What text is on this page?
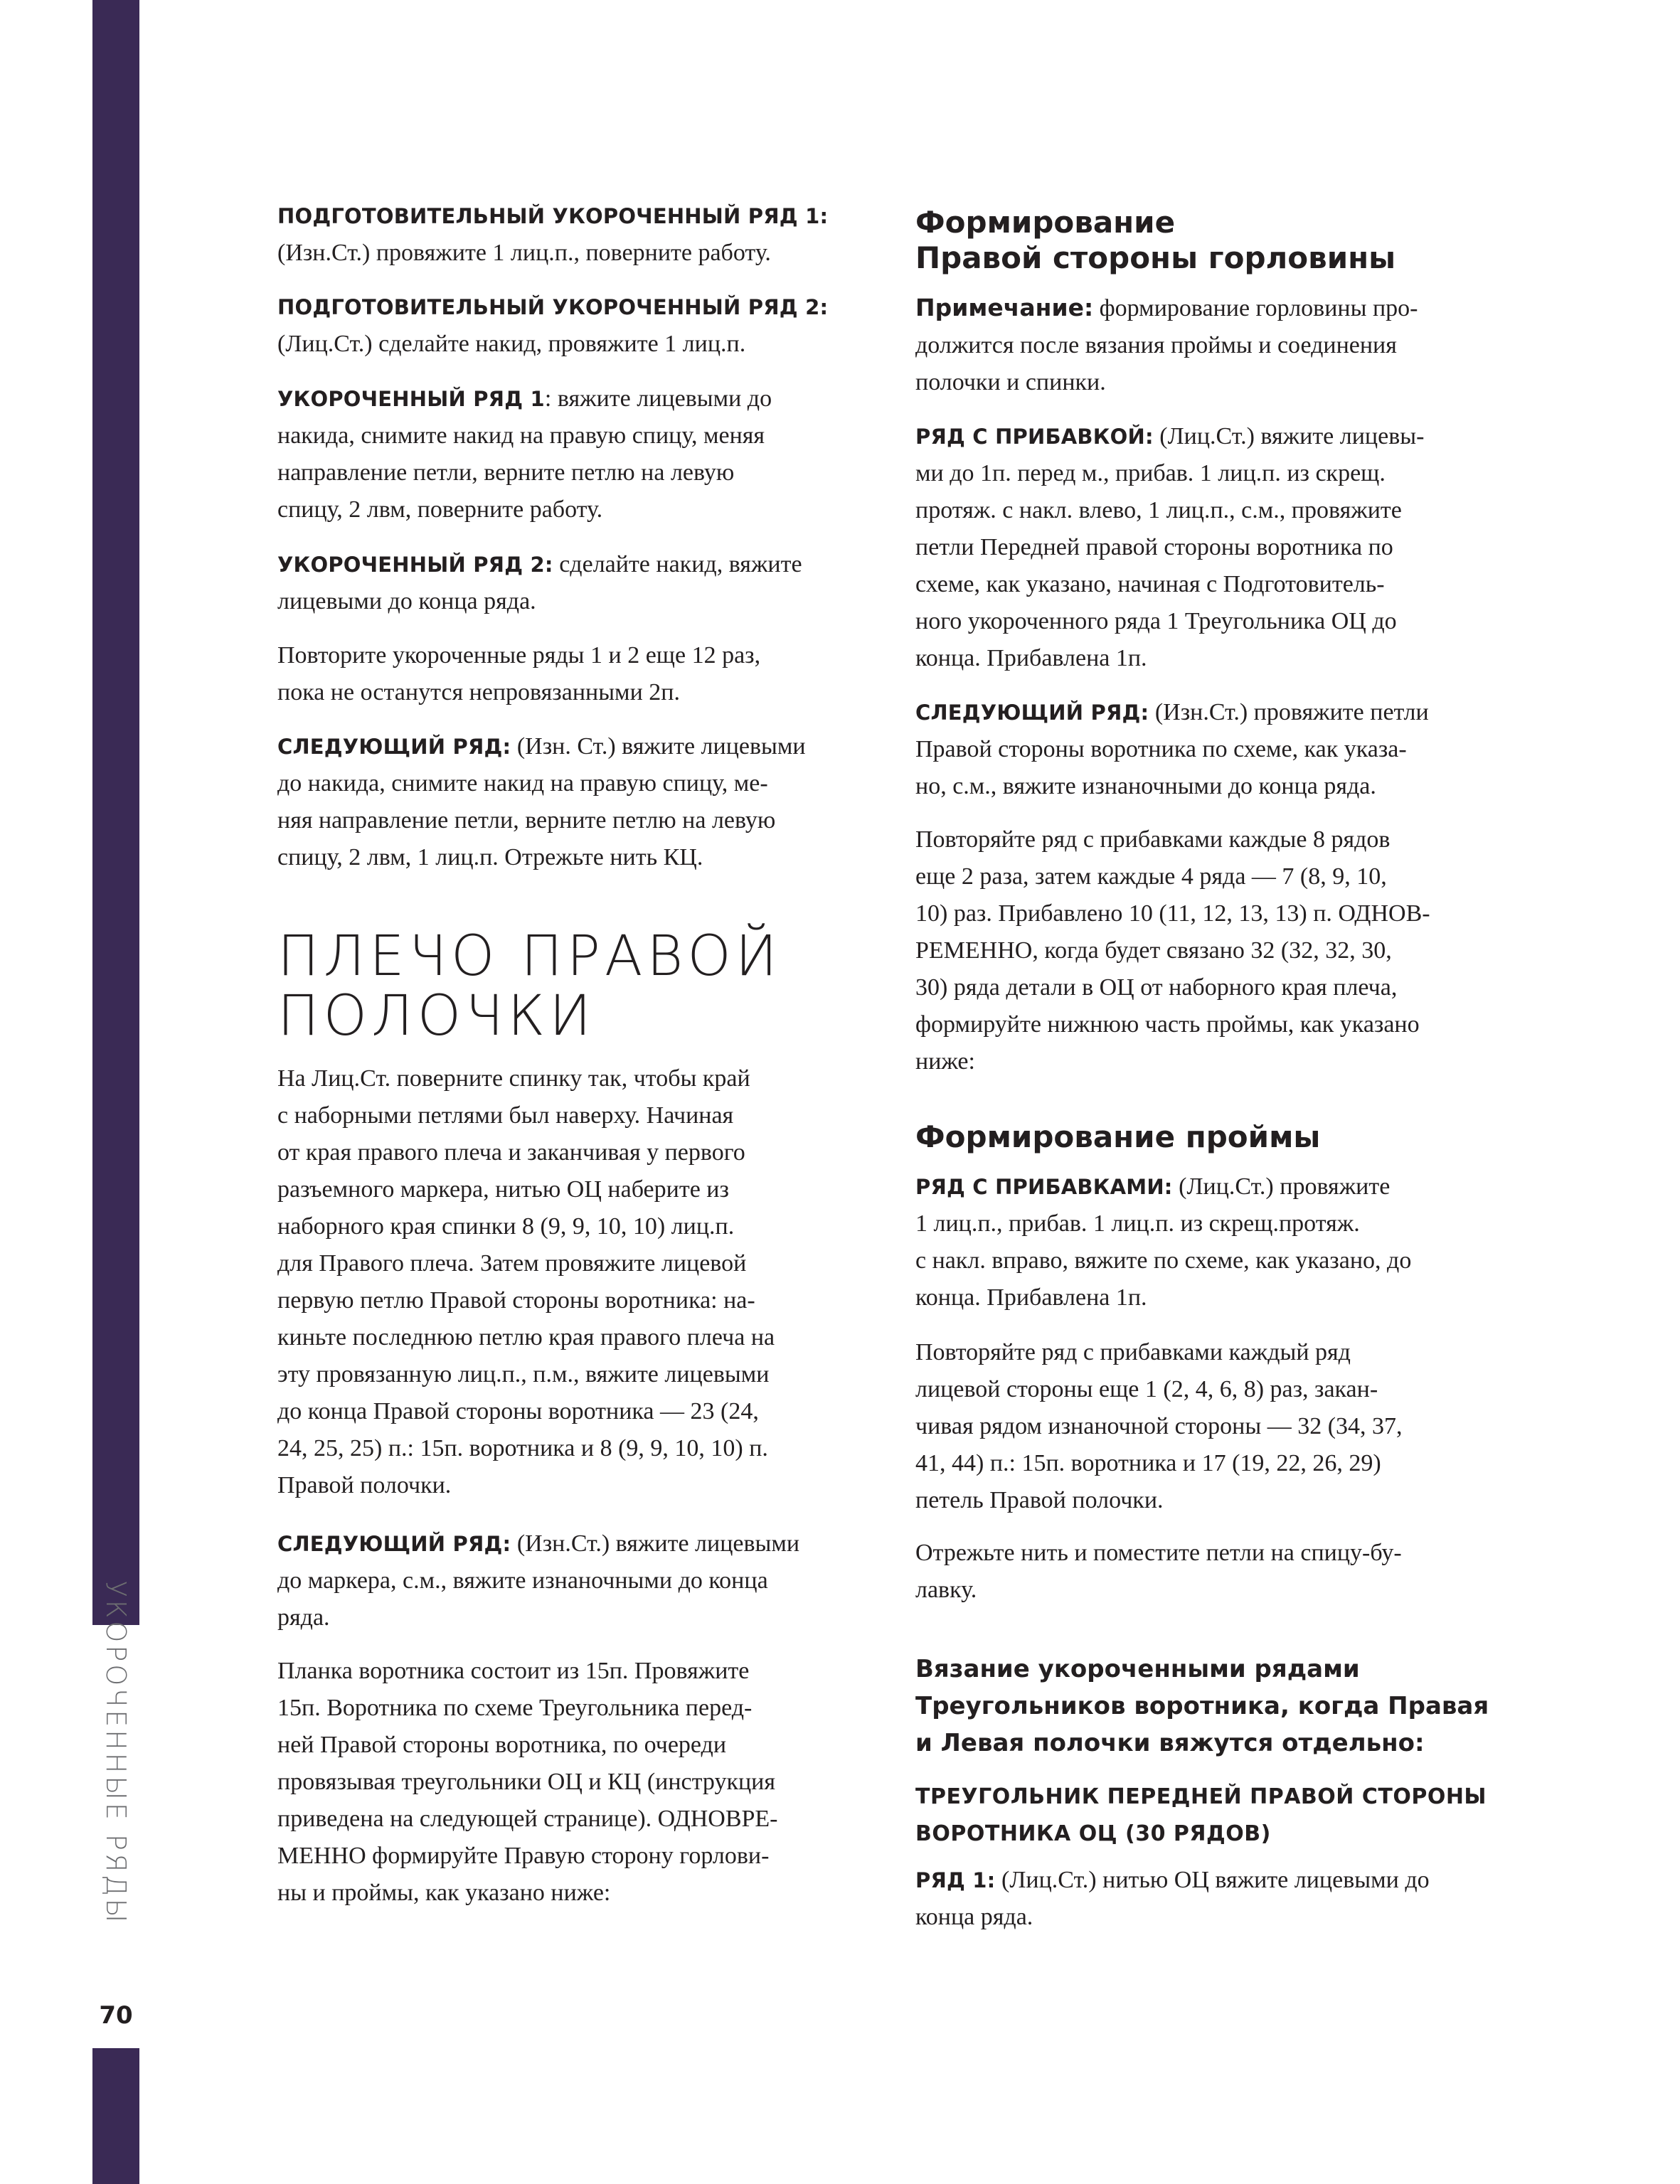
УКОРОЧЕННЫЕ РЯДЫ
70
ПОДГОТОВИТЕЛЬНЫЙ УКОРОЧЕННЫЙ РЯД 1:
(Изн.Ст.) провяжите 1 лиц.п., поверните работу.
ПОДГОТОВИТЕЛЬНЫЙ УКОРОЧЕННЫЙ РЯД 2:
(Лиц.Ст.) сделайте накид, провяжите 1 лиц.п.
УКОРОЧЕННЫЙ РЯД 1: вяжите лицевыми до
накида, снимите накид на правую спицу, меняя
направление петли, верните петлю на левую
спицу, 2 лвм, поверните работу.
УКОРОЧЕННЫЙ РЯД 2: сделайте накид, вяжите
лицевыми до конца ряда.
Повторите укороченные ряды 1 и 2 еще 12 раз,
пока не останутся непровязанными 2п.
СЛЕДУЮЩИЙ РЯД: (Изн. Ст.) вяжите лицевыми
до накида, снимите накид на правую спицу, ме-
няя направление петли, верните петлю на левую
спицу, 2 лвм, 1 лиц.п. Отрежьте нить КЦ.
ПЛЕЧО ПРАВОЙ
ПОЛОЧКИ
На Лиц.Ст. поверните спинку так, чтобы край
с наборными петлями был наверху. Начиная
от края правого плеча и заканчивая у первого
разъемного маркера, нитью ОЦ наберите из
наборного края спинки 8 (9, 9, 10, 10) лиц.п.
для Правого плеча. Затем провяжите лицевой
первую петлю Правой стороны воротника: на-
киньте последнюю петлю края правого плеча на
эту провязанную лиц.п., п.м., вяжите лицевыми
до конца Правой стороны воротника — 23 (24,
24, 25, 25) п.: 15п. воротника и 8 (9, 9, 10, 10) п.
Правой полочки.
СЛЕДУЮЩИЙ РЯД: (Изн.Ст.) вяжите лицевыми
до маркера, с.м., вяжите изнаночными до конца
ряда.
Планка воротника состоит из 15п. Провяжите
15п. Воротника по схеме Треугольника перед-
ней Правой стороны воротника, по очереди
провязывая треугольники ОЦ и КЦ (инструкция
приведена на следующей странице). ОДНОВРЕ-
МЕННО формируйте Правую сторону горлови-
ны и проймы, как указано ниже:
Формирование
Правой стороны горловины
Примечание: формирование горловины про-
должится после вязания проймы и соединения
полочки и спинки.
РЯД С ПРИБАВКОЙ: (Лиц.Ст.) вяжите лицевы-
ми до 1п. перед м., прибав. 1 лиц.п. из скрещ.
протяж. с накл. влево, 1 лиц.п., с.м., провяжите
петли Передней правой стороны воротника по
схеме, как указано, начиная с Подготовитель-
ного укороченного ряда 1 Треугольника ОЦ до
конца. Прибавлена 1п.
СЛЕДУЮЩИЙ РЯД: (Изн.Ст.) провяжите петли
Правой стороны воротника по схеме, как указа-
но, с.м., вяжите изнаночными до конца ряда.
Повторяйте ряд с прибавками каждые 8 рядов
еще 2 раза, затем каждые 4 ряда — 7 (8, 9, 10,
10) раз. Прибавлено 10 (11, 12, 13, 13) п. ОДНОВ-
РЕМЕННО, когда будет связано 32 (32, 32, 30,
30) ряда детали в ОЦ от наборного края плеча,
формируйте нижнюю часть проймы, как указано
ниже:
Формирование проймы
РЯД С ПРИБАВКАМИ: (Лиц.Ст.) провяжите
1 лиц.п., прибав. 1 лиц.п. из скрещ.протяж.
с накл. вправо, вяжите по схеме, как указано, до
конца. Прибавлена 1п.
Повторяйте ряд с прибавками каждый ряд
лицевой стороны еще 1 (2, 4, 6, 8) раз, закан-
чивая рядом изнаночной стороны — 32 (34, 37,
41, 44) п.: 15п. воротника и 17 (19, 22, 26, 29)
петель Правой полочки.
Отрежьте нить и поместите петли на спицу-бу-
лавку.
Вязание укороченными рядами
Треугольников воротника, когда Правая
и Левая полочки вяжутся отдельно:
ТРЕУГОЛЬНИК ПЕРЕДНЕЙ ПРАВОЙ СТОРОНЫ
ВОРОТНИКА ОЦ (30 РЯДОВ)
РЯД 1: (Лиц.Ст.) нитью ОЦ вяжите лицевыми до
конца ряда.
